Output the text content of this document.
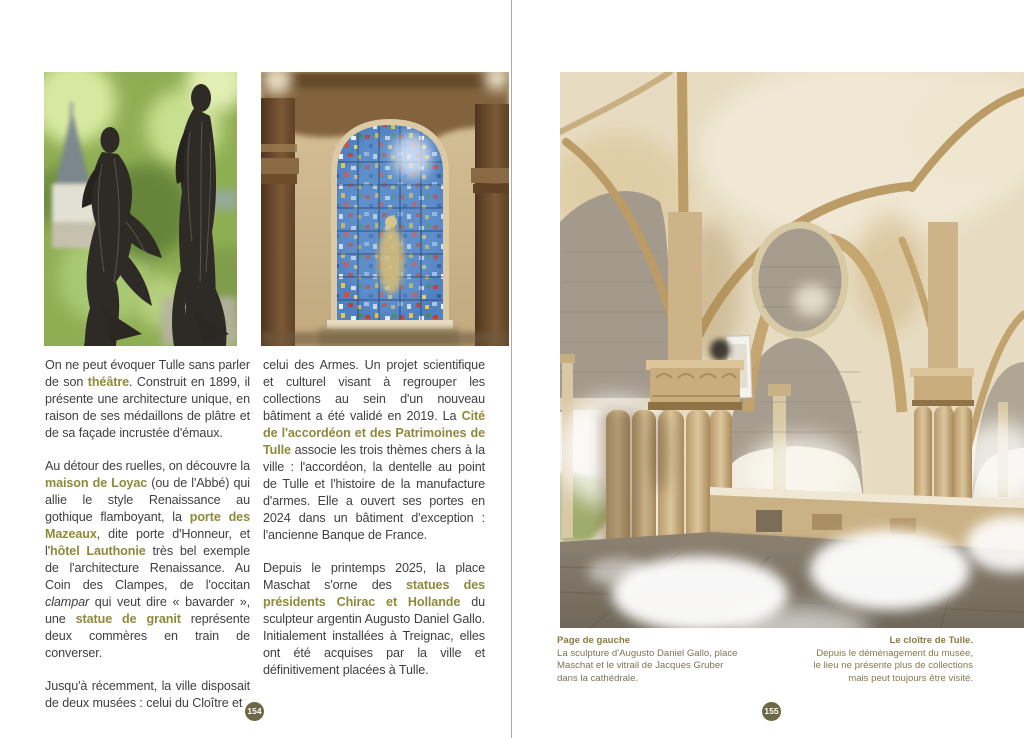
On ne peut évoquer Tulle sans parler de son théâtre. Construit en 1899, il présente une architecture unique, en raison de ses médaillons de plâtre et de sa façade incrustée d'émaux.

Au détour des ruelles, on découvre la maison de Loyac (ou de l'Abbé) qui allie le style Renaissance au gothique flamboyant, la porte des Mazeaux, dite porte d'Honneur, et l'hôtel Lauthonie très bel exemple de l'architecture Renaissance. Au Coin des Clampes, de l'occitan clampar qui veut dire « bavarder », une statue de granit représente deux commères en train de converser.

Jusqu'à récemment, la ville disposait de deux musées : celui du Cloître et

celui des Armes. Un projet scientifique et culturel visant à regrouper les collections au sein d'un nouveau bâtiment a été validé en 2019. La Cité de l'accordéon et des Patrimoines de Tulle associe les trois thèmes chers à la ville : l'accordéon, la dentelle au point de Tulle et l'histoire de la manufacture d'armes. Elle a ouvert ses portes en 2024 dans un bâtiment d'exception : l'ancienne Banque de France.

Depuis le printemps 2025, la place Maschat s'orne des statues des présidents Chirac et Hollande du sculpteur argentin Augusto Daniel Gallo. Initialement installées à Treignac, elles ont été acquises par la ville et définitivement placées à Tulle.

154
Page de gauche
La sculpture d'Augusto Daniel Gallo, place
Maschat et le vitrail de Jacques Gruber
dans la cathédrale.
Le cloître de Tulle.
Depuis le déménagement du musée,
le lieu ne présente plus de collections
mais peut toujours être visité.
155
